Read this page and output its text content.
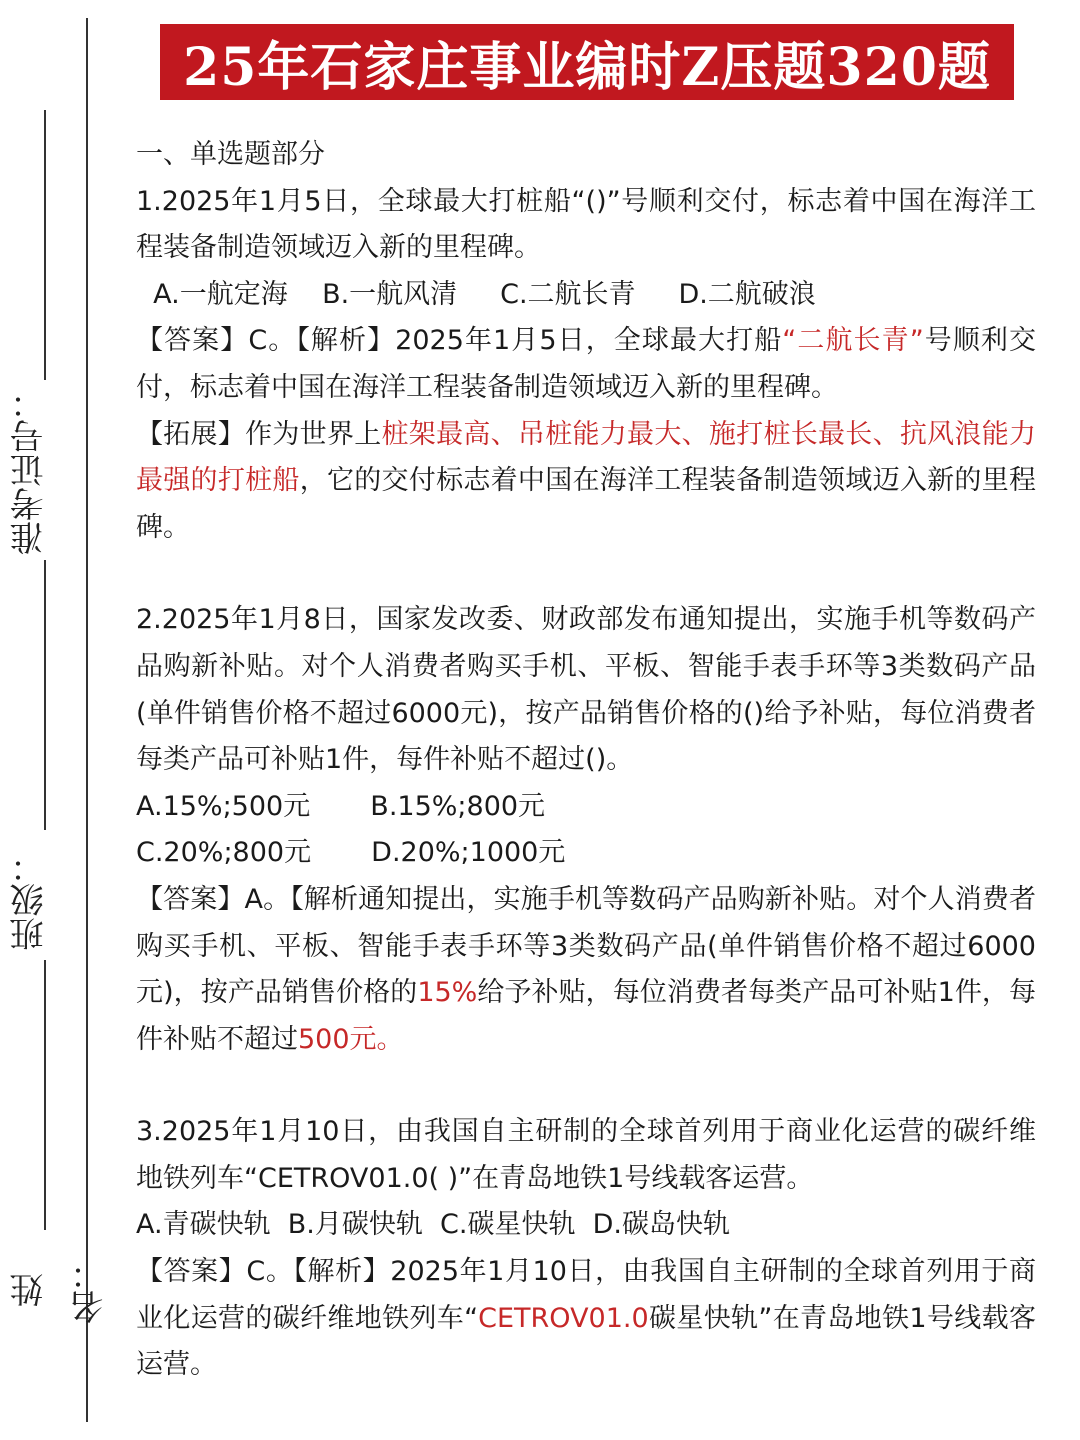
准考证号：
班级：
姓名：
25年石家庄事业编时Z压题320题

一、单选题部分

1.2025年1月5日，全球最大打桩船“()”号顺利交付，标志着中国在海洋工程装备制造领域迈入新的里程碑。

A.一航定海    B.一航风清     C.二航长青     D.二航破浪

【答案】C。【解析】2025年1月5日，全球最大打船“二航长青”号顺利交付，标志着中国在海洋工程装备制造领域迈入新的里程碑。

【拓展】作为世界上桩架最高、吊桩能力最大、施打桩长最长、抗风浪能力最强的打桩船，它的交付标志着中国在海洋工程装备制造领域迈入新的里程碑。

2.2025年1月8日，国家发改委、财政部发布通知提出，实施手机等数码产品购新补贴。对个人消费者购买手机、平板、智能手表手环等3类数码产品(单件销售价格不超过6000元)，按产品销售价格的()给予补贴，每位消费者每类产品可补贴1件，每件补贴不超过()。

A.15%;500元       B.15%;800元

C.20%;800元       D.20%;1000元

【答案】A。【解析通知提出，实施手机等数码产品购新补贴。对个人消费者购买手机、平板、智能手表手环等3类数码产品(单件销售价格不超过6000元)，按产品销售价格的15%给予补贴，每位消费者每类产品可补贴1件，每件补贴不超过500元。

3.2025年1月10日，由我国自主研制的全球首列用于商业化运营的碳纤维地铁列车“CETROV01.0( )”在青岛地铁1号线载客运营。

A.青碳快轨  B.月碳快轨  C.碳星快轨  D.碳岛快轨

【答案】C。【解析】2025年1月10日，由我国自主研制的全球首列用于商业化运营的碳纤维地铁列车“CETROV01.0碳星快轨”在青岛地铁1号线载客运营。
